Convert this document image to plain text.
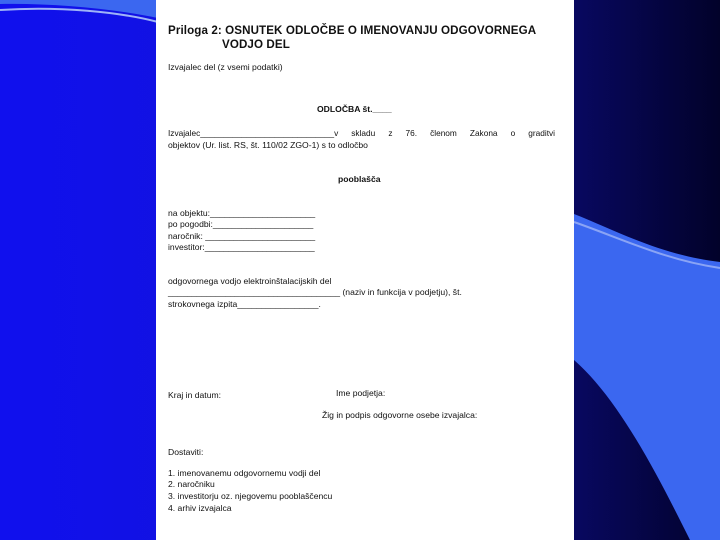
Priloga 2: OSNUTEK ODLOČBE O IMENOVANJU ODGOVORNEGA
VODJO DEL
Izvajalec del (z vsemi podatki)
ODLOČBA št.____
Izvajalec_____________________________v skladu z 76. členom Zakona o graditvi
objektov (Ur. list. RS, št. 110/02 ZGO-1) s to odločbo
pooblašča
na objektu:______________________
po pogodbi:_____________________
naročnik: _______________________
investitor:_______________________
odgovornega vodjo elektroinštalacijskih del
____________________________________ (naziv in funkcija v podjetju), št.
strokovnega izpita_________________.
Kraj in datum:	Ime podjetja:
Žig in podpis odgovorne osebe izvajalca:
Dostaviti:
1. imenovanemu odgovornemu vodji del
2. naročniku
3. investitorju oz. njegovemu pooblaščencu
4. arhiv izvajalca
